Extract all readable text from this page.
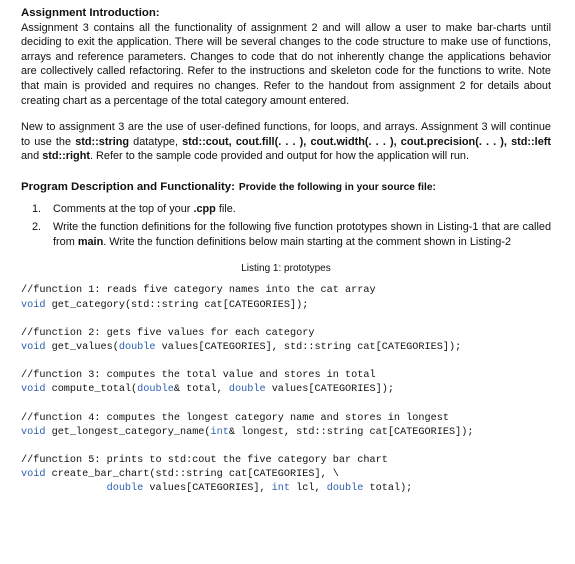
Assignment Introduction:

Assignment 3 contains all the functionality of assignment 2 and will allow a user to make bar-charts until deciding to exit the application. There will be several changes to the code structure to make use of functions, arrays and reference parameters. Changes to code that do not inherently change the applications behavior are collectively called refactoring. Refer to the instructions and skeleton code for the functions to write. Note that main is provided and requires no changes. Refer to the handout from assignment 2 for details about creating chart as a percentage of the total category amount entered.

New to assignment 3 are the use of user-defined functions, for loops, and arrays. Assignment 3 will continue to use the std::string datatype, std::cout, cout.fill(. . . ), cout.width(. . . ), cout.precision(. . . ), std::left and std::right. Refer to the sample code provided and output for how the application will run.

Program Description and Functionality: Provide the following in your source file:
1.	Comments at the top of your .cpp file.
2.	Write the function definitions for the following five function prototypes shown in Listing-1 that are called from main. Write the function definitions below main starting at the comment shown in Listing-2
Listing 1: prototypes
//function 1: reads five category names into the cat array
void get_category(std::string cat[CATEGORIES]);
//function 2: gets five values for each category
void get_values(double values[CATEGORIES], std::string cat[CATEGORIES]);
//function 3: computes the total value and stores in total
void compute_total(double& total, double values[CATEGORIES]);
//function 4: computes the longest category name and stores in longest
void get_longest_category_name(int& longest, std::string cat[CATEGORIES]);
//function 5: prints to std:cout the five category bar chart
void create_bar_chart(std::string cat[CATEGORIES], \
double values[CATEGORIES], int lcl, double total);
